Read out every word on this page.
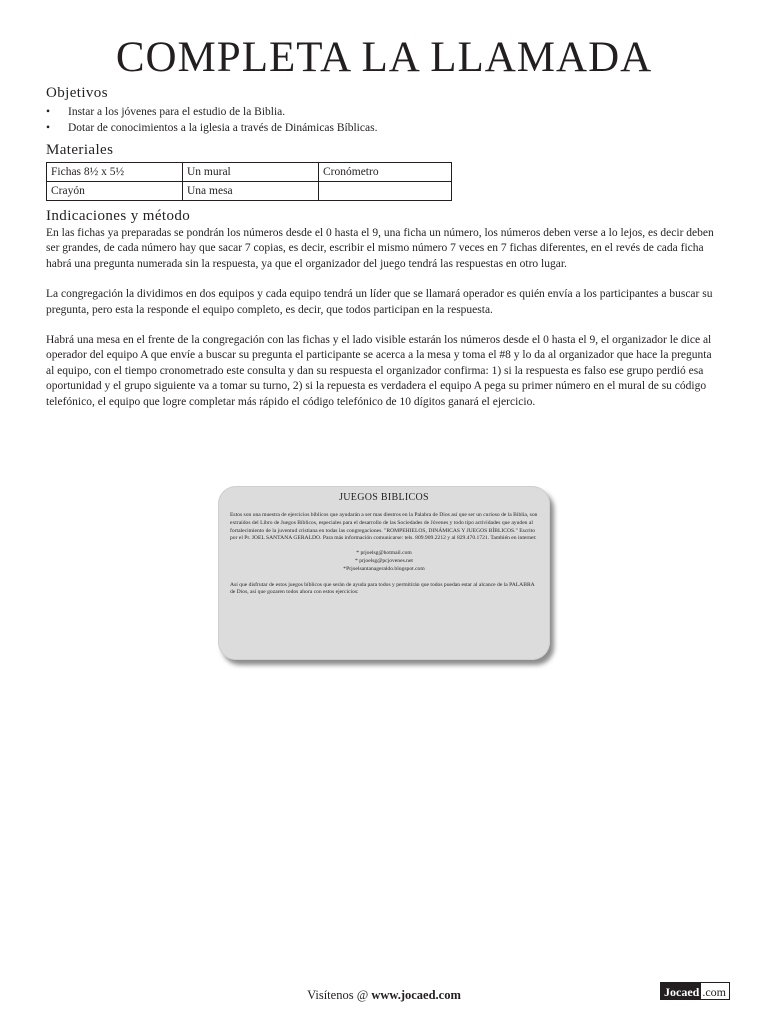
COMPLETA LA LLAMADA
Objetivos
• Instar a los jóvenes para el estudio de la Biblia.
• Dotar de conocimientos a la iglesia a través de Dinámicas Bíblicas.
Materiales
Fichas 8½ x 5½	Un mural	Cronómetro
Crayón	Una mesa	
Indicaciones y método

En las fichas ya preparadas se pondrán los números desde el 0 hasta el 9, una ficha un número, los números deben verse a lo lejos, es decir deben ser grandes, de cada número hay que sacar 7 copias, es decir, escribir el mismo número 7 veces en 7 fichas diferentes, en el revés de cada ficha habrá una pregunta numerada sin la respuesta, ya que el organizador del juego tendrá las respuestas en otro lugar.

La congregación la dividimos en dos equipos y cada equipo tendrá un líder que se llamará operador es quién envía a los participantes a buscar su pregunta, pero esta la responde el equipo completo, es decir, que todos participan en la respuesta.

Habrá una mesa en el frente de la congregación con las fichas y el lado visible estarán los números desde el 0 hasta el 9, el organizador le dice al operador del equipo A que envíe a buscar su pregunta el participante se acerca a la mesa y toma el #8 y lo da al organizador que hace la pregunta al equipo, con el tiempo cronometrado este consulta y dan su respuesta el organizador confirma: 1) si la respuesta es falso ese grupo perdió esa oportunidad y el grupo siguiente va a tomar su turno, 2) si la repuesta es verdadera el equipo A pega su primer número en el mural de su código telefónico, el equipo que logre completar más rápido el código telefónico de 10 dígitos ganará el ejercicio.

JUEGOS BIBLICOS
Estos son una muestra de ejercicios bíblicos que ayudarán a ser mas diestros en la Palabra de Dios así que ser un curioso de la Biblia, son extraídos del Libro de Juegos Bíblicos, especiales para el desarrollo de las Sociedades de Jóvenes y todo tipo actividades que ayuden al fortalecimiento de la juventud cristiana en todas las congregaciones. "ROMPEHIELOS, DINÁMICAS Y JUEGOS BÍBLICOS." Escrito por el Pr. JOEL SANTANA GERALDO. Para más información comunicarse: tels. 809.909.2212 y al 829.470.1721. También en internet:
* prjoelsg@hotmail.com
* prjoelsg@pcjovenes.net
*Prjoelsantanageraldo.blogspot.com
Así que disfrutar de estos juegos bíblicos que serán de ayuda para todos y permitirán que todos puedan estar al alcance de la PALABRA de Dios, así que gozaren todos ahora con estos ejercicios:
Visítenos @ www.jocaed.com	Jocaed .com
